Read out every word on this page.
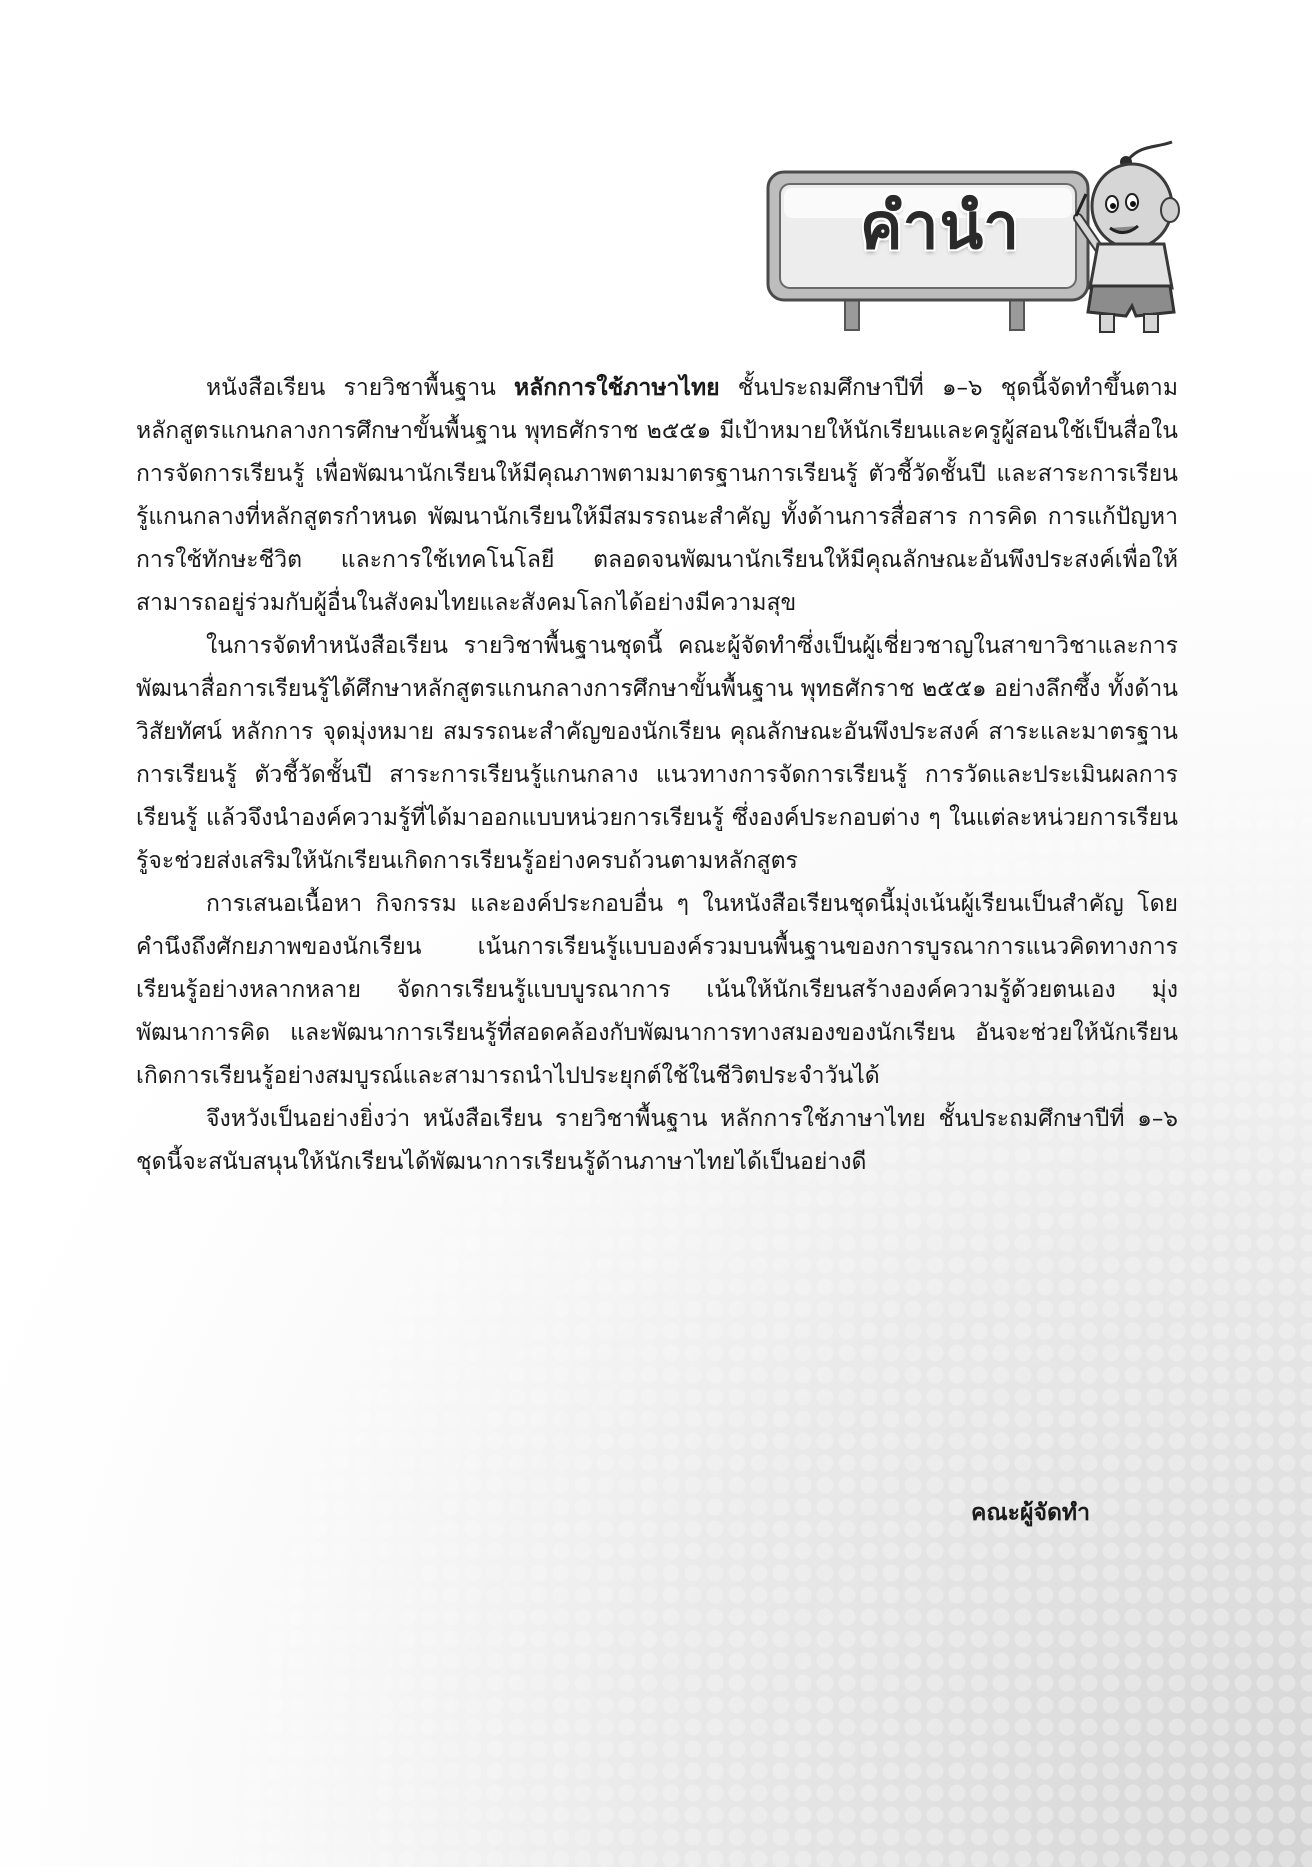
คำนำ

หนังสือเรียน รายวิชาพื้นฐาน หลักการใช้ภาษาไทย ชั้นประถมศึกษาปีที่ ๑–๖ ชุดนี้จัดทำขึ้นตามหลักสูตรแกนกลางการศึกษาขั้นพื้นฐาน พุทธศักราช ๒๕๕๑ มีเป้าหมายให้นักเรียนและครูผู้สอนใช้เป็นสื่อในการจัดการเรียนรู้ เพื่อพัฒนานักเรียนให้มีคุณภาพตามมาตรฐานการเรียนรู้ ตัวชี้วัดชั้นปี และสาระการเรียนรู้แกนกลางที่หลักสูตรกำหนด พัฒนานักเรียนให้มีสมรรถนะสำคัญ ทั้งด้านการสื่อสาร การคิด การแก้ปัญหา การใช้ทักษะชีวิต และการใช้เทคโนโลยี ตลอดจนพัฒนานักเรียนให้มีคุณลักษณะอันพึงประสงค์เพื่อให้สามารถอยู่ร่วมกับผู้อื่นในสังคมไทยและสังคมโลกได้อย่างมีความสุข

ในการจัดทำหนังสือเรียน รายวิชาพื้นฐานชุดนี้ คณะผู้จัดทำซึ่งเป็นผู้เชี่ยวชาญในสาขาวิชาและการพัฒนาสื่อการเรียนรู้ได้ศึกษาหลักสูตรแกนกลางการศึกษาขั้นพื้นฐาน พุทธศักราช ๒๕๕๑ อย่างลึกซึ้ง ทั้งด้านวิสัยทัศน์ หลักการ จุดมุ่งหมาย สมรรถนะสำคัญของนักเรียน คุณลักษณะอันพึงประสงค์ สาระและมาตรฐานการเรียนรู้ ตัวชี้วัดชั้นปี สาระการเรียนรู้แกนกลาง แนวทางการจัดการเรียนรู้ การวัดและประเมินผลการเรียนรู้ แล้วจึงนำองค์ความรู้ที่ได้มาออกแบบหน่วยการเรียนรู้ ซึ่งองค์ประกอบต่าง ๆ ในแต่ละหน่วยการเรียนรู้จะช่วยส่งเสริมให้นักเรียนเกิดการเรียนรู้อย่างครบถ้วนตามหลักสูตร

การเสนอเนื้อหา กิจกรรม และองค์ประกอบอื่น ๆ ในหนังสือเรียนชุดนี้มุ่งเน้นผู้เรียนเป็นสำคัญ โดยคำนึงถึงศักยภาพของนักเรียน เน้นการเรียนรู้แบบองค์รวมบนพื้นฐานของการบูรณาการแนวคิดทางการเรียนรู้อย่างหลากหลาย จัดการเรียนรู้แบบบูรณาการ เน้นให้นักเรียนสร้างองค์ความรู้ด้วยตนเอง มุ่งพัฒนาการคิด และพัฒนาการเรียนรู้ที่สอดคล้องกับพัฒนาการทางสมองของนักเรียน อันจะช่วยให้นักเรียนเกิดการเรียนรู้อย่างสมบูรณ์และสามารถนำไปประยุกต์ใช้ในชีวิตประจำวันได้

จึงหวังเป็นอย่างยิ่งว่า หนังสือเรียน รายวิชาพื้นฐาน หลักการใช้ภาษาไทย ชั้นประถมศึกษาปีที่ ๑–๖ ชุดนี้จะสนับสนุนให้นักเรียนได้พัฒนาการเรียนรู้ด้านภาษาไทยได้เป็นอย่างดี

คณะผู้จัดทำ
